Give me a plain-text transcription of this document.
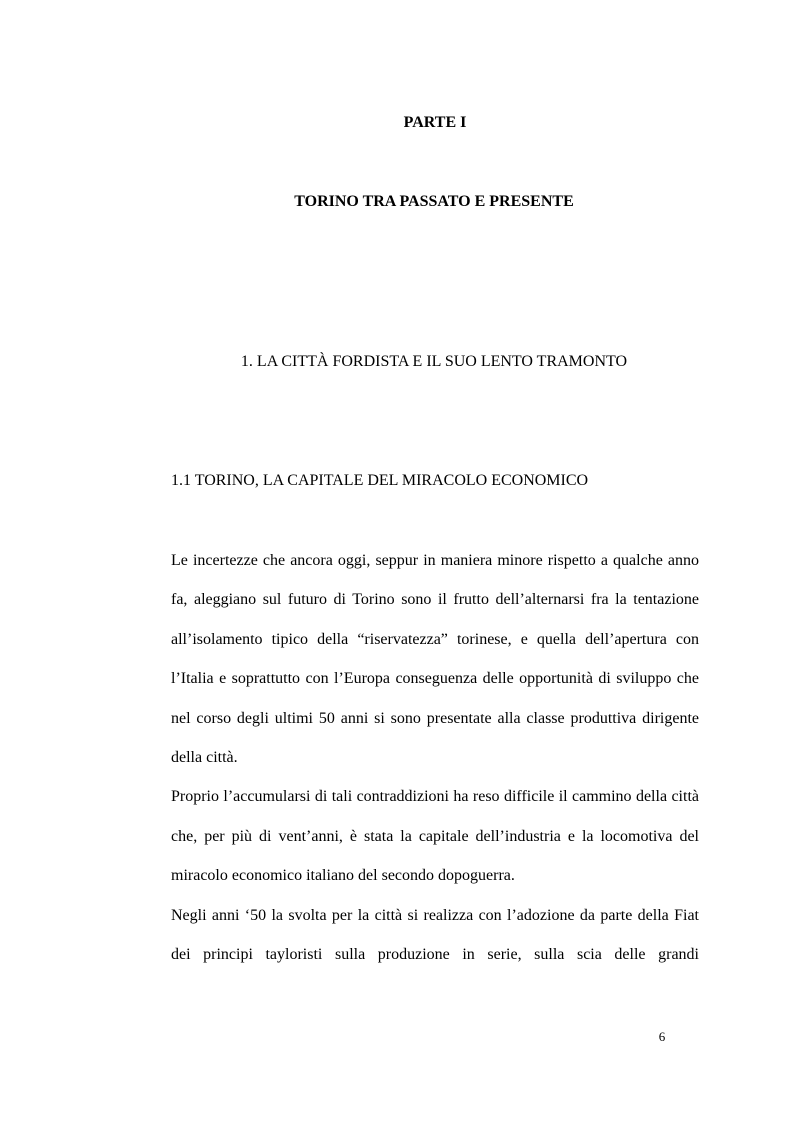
PARTE I
TORINO TRA PASSATO E PRESENTE
1. LA CITTÀ FORDISTA E IL SUO LENTO TRAMONTO
1.1 TORINO, LA CAPITALE DEL MIRACOLO ECONOMICO

Le incertezze che ancora oggi, seppur in maniera minore rispetto a qualche anno fa, aleggiano sul futuro di Torino sono il frutto dell’alternarsi fra la tentazione all’isolamento tipico della “riservatezza” torinese, e quella dell’apertura con l’Italia e soprattutto con l’Europa conseguenza delle opportunità di sviluppo che nel corso degli ultimi 50 anni si sono presentate alla classe produttiva dirigente della città.

Proprio l’accumularsi di tali contraddizioni ha reso difficile il cammino della città che, per più di vent’anni, è stata la capitale dell’industria e la locomotiva del miracolo economico italiano del secondo dopoguerra.

Negli anni ‘50 la svolta per la città si realizza con l’adozione da parte della Fiat dei principi tayloristi sulla produzione in serie, sulla scia delle grandi

6
